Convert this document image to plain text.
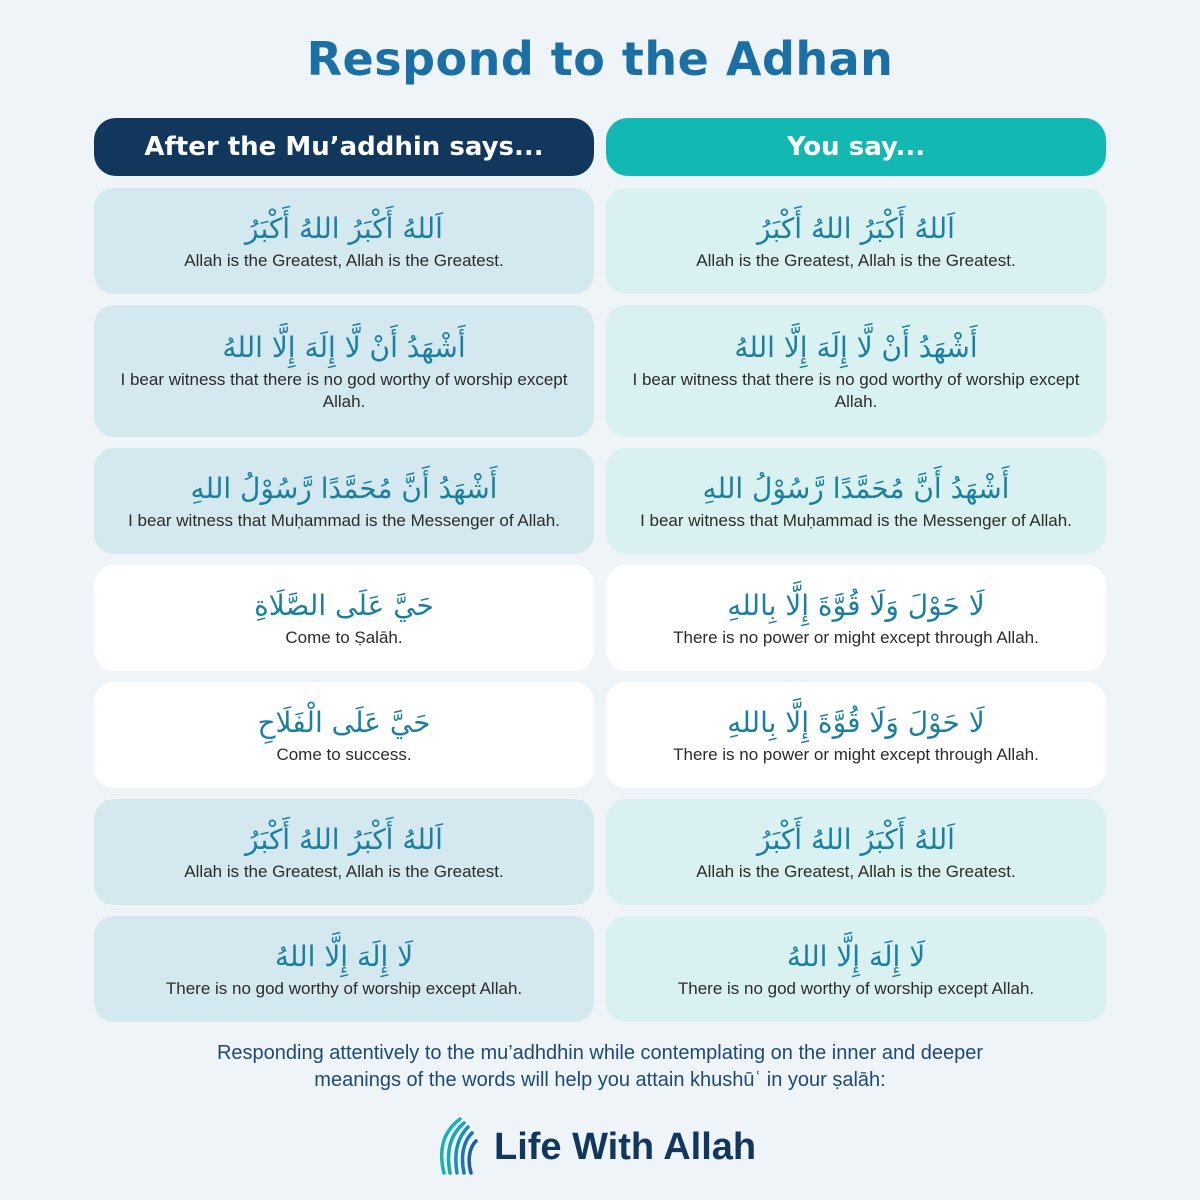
Respond to the Adhan
After the Mu’addhin says...
اَللهُ أَكْبَرُ اللهُ أَكْبَرُ
Allah is the Greatest, Allah is the Greatest.
أَشْهَدُ أَنْ لَّا إِلَهَ إِلَّا اللهُ
I bear witness that there is no god worthy of worship except Allah.
أَشْهَدُ أَنَّ مُحَمَّدًا رَّسُوْلُ اللهِ
I bear witness that Muḥammad is the Messenger of Allah.
حَيَّ عَلَى الصَّلَاةِ
Come to Ṣalāh.
حَيَّ عَلَى الْفَلَاحِ
Come to success.
اَللهُ أَكْبَرُ اللهُ أَكْبَرُ
Allah is the Greatest, Allah is the Greatest.
لَا إِلَهَ إِلَّا اللهُ
There is no god worthy of worship except Allah.
You say...
اَللهُ أَكْبَرُ اللهُ أَكْبَرُ
Allah is the Greatest, Allah is the Greatest.
أَشْهَدُ أَنْ لَّا إِلَهَ إِلَّا اللهُ
I bear witness that there is no god worthy of worship except Allah.
أَشْهَدُ أَنَّ مُحَمَّدًا رَّسُوْلُ اللهِ
I bear witness that Muḥammad is the Messenger of Allah.
لَا حَوْلَ وَلَا قُوَّةَ إِلَّا بِاللهِ
There is no power or might except through Allah.
لَا حَوْلَ وَلَا قُوَّةَ إِلَّا بِاللهِ
There is no power or might except through Allah.
اَللهُ أَكْبَرُ اللهُ أَكْبَرُ
Allah is the Greatest, Allah is the Greatest.
لَا إِلَهَ إِلَّا اللهُ
There is no god worthy of worship except Allah.
Responding attentively to the mu’adhdhin while contemplating on the inner and deeper
meanings of the words will help you attain khushūʿ in your ṣalāh:
Life With Allah
